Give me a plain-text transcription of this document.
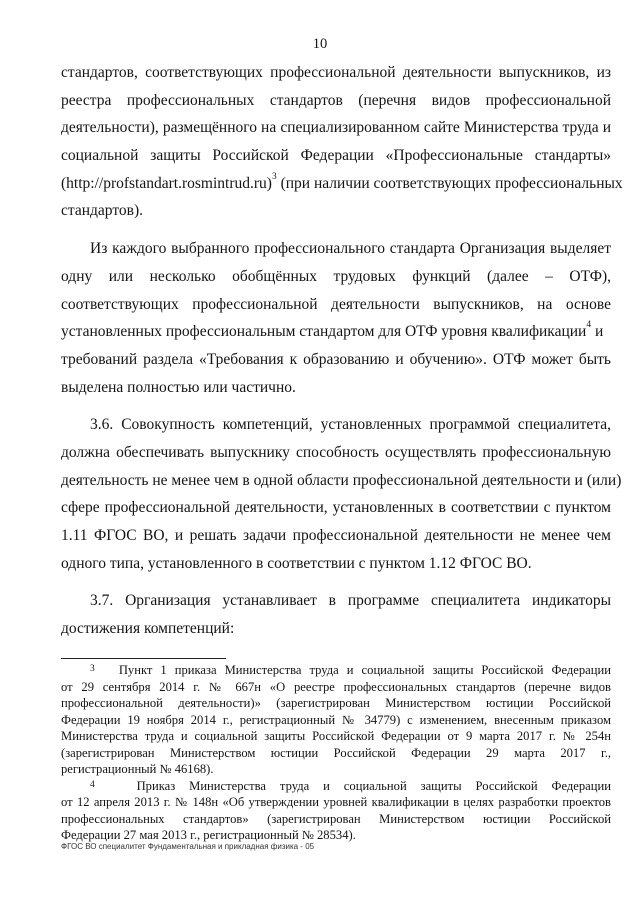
10
стандартов, соответствующих профессиональной деятельности выпускников, из
реестра профессиональных стандартов (перечня видов профессиональной
деятельности), размещённого на специализированном сайте Министерства труда и
социальной защиты Российской Федерации «Профессиональные стандарты»
(http://profstandart.rosmintrud.ru)$^3$ (при наличии соответствующих профессиональных
стандартов).
Из каждого выбранного профессионального стандарта Организация выделяет
одну или несколько обобщённых трудовых функций (далее – ОТФ),
соответствующих профессиональной деятельности выпускников, на основе
установленных профессиональным стандартом для ОТФ уровня квалификации$^4$ и
требований раздела «Требования к образованию и обучению». ОТФ может быть
выделена полностью или частично.
3.6. Совокупность компетенций, установленных программой специалитета,
должна обеспечивать выпускнику способность осуществлять профессиональную
деятельность не менее чем в одной области профессиональной деятельности и (или)
сфере профессиональной деятельности, установленных в соответствии с пунктом
1.11 ФГОС ВО, и решать задачи профессиональной деятельности не менее чем
одного типа, установленного в соответствии с пунктом 1.12 ФГОС ВО.
3.7. Организация устанавливает в программе специалитета индикаторы
достижения компетенций:
$^3$ Пункт 1 приказа Министерства труда и социальной защиты Российской Федерации
от 29 сентября 2014 г. № 667н «О реестре профессиональных стандартов (перечне видов
профессиональной деятельности)» (зарегистрирован Министерством юстиции Российской
Федерации 19 ноября 2014 г., регистрационный № 34779) с изменением, внесенным приказом
Министерства труда и социальной защиты Российской Федерации от 9 марта 2017 г. № 254н
(зарегистрирован Министерством юстиции Российской Федерации 29 марта 2017 г.,
регистрационный № 46168).
$^4$	Приказ Министерства труда и социальной защиты Российской Федерации
от 12 апреля 2013 г. № 148н «Об утверждении уровней квалификации в целях разработки проектов
профессиональных стандартов» (зарегистрирован Министерством юстиции Российской
Федерации 27 мая 2013 г., регистрационный № 28534).
ФГОС ВО специалитет Фундаментальная и прикладная физика - 05
